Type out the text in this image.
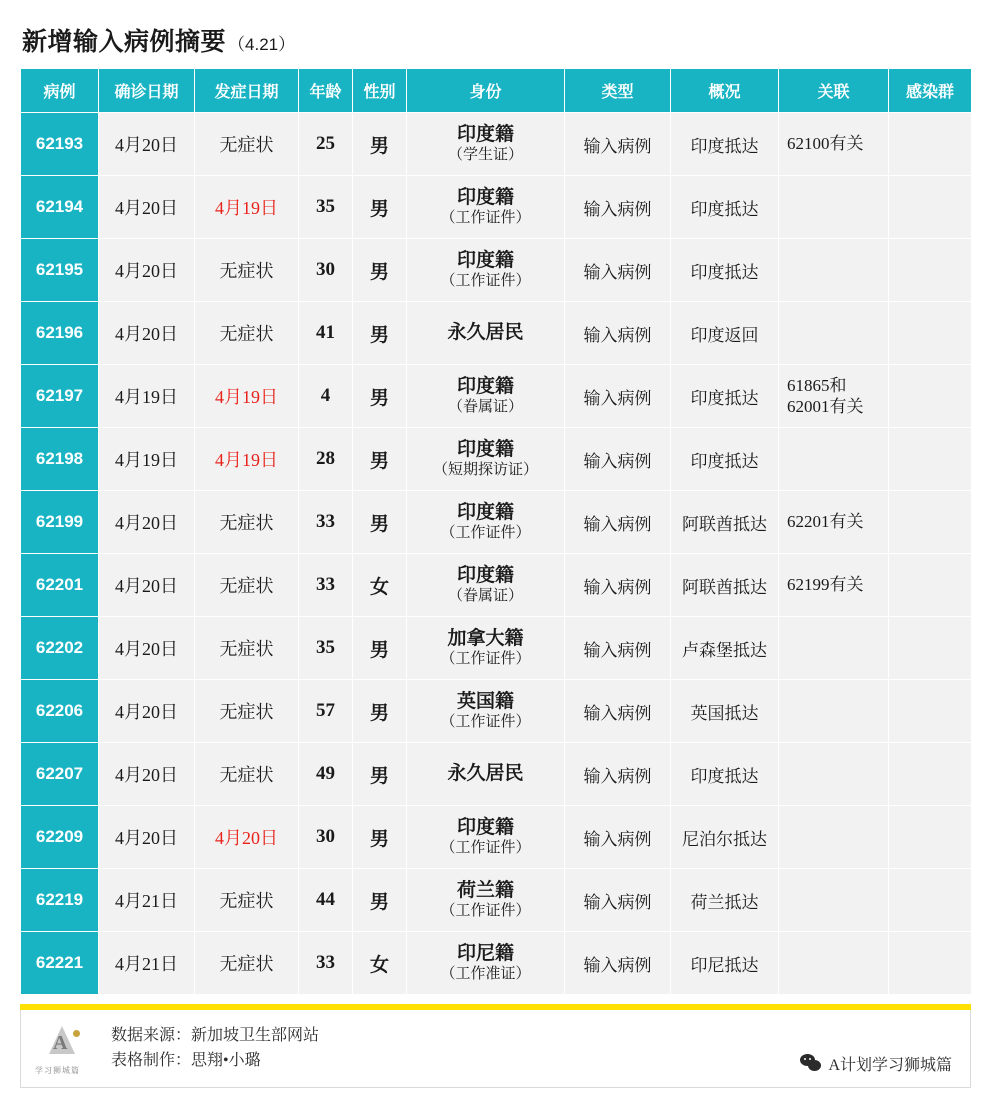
新增输入病例摘要 （4.21）
病例	确诊日期	发症日期	年龄	性别	身份	类型	概况	关联	感染群
62193	4月20日	无症状	25	男	印度籍
（学生证）	输入病例	印度抵达	62100有关	
62194	4月20日	4月19日	35	男	印度籍
（工作证件）	输入病例	印度抵达		
62195	4月20日	无症状	30	男	印度籍
（工作证件）	输入病例	印度抵达		
62196	4月20日	无症状	41	男	永久居民	输入病例	印度返回		
62197	4月19日	4月19日	4	男	印度籍
（眷属证）	输入病例	印度抵达	61865和
62001有关	
62198	4月19日	4月19日	28	男	印度籍
（短期探访证）	输入病例	印度抵达		
62199	4月20日	无症状	33	男	印度籍
（工作证件）	输入病例	阿联酋抵达	62201有关	
62201	4月20日	无症状	33	女	印度籍
（眷属证）	输入病例	阿联酋抵达	62199有关	
62202	4月20日	无症状	35	男	加拿大籍
（工作证件）	输入病例	卢森堡抵达		
62206	4月20日	无症状	57	男	英国籍
（工作证件）	输入病例	英国抵达		
62207	4月20日	无症状	49	男	永久居民	输入病例	印度抵达		
62209	4月20日	4月20日	30	男	印度籍
（工作证件）	输入病例	尼泊尔抵达		
62219	4月21日	无症状	44	男	荷兰籍
（工作证件）	输入病例	荷兰抵达		
62221	4月21日	无症状	33	女	印尼籍
（工作准证）	输入病例	印尼抵达		
A
学习狮城篇
数据来源：新加坡卫生部网站
表格制作：思翔•小璐	A计划学习狮城篇
